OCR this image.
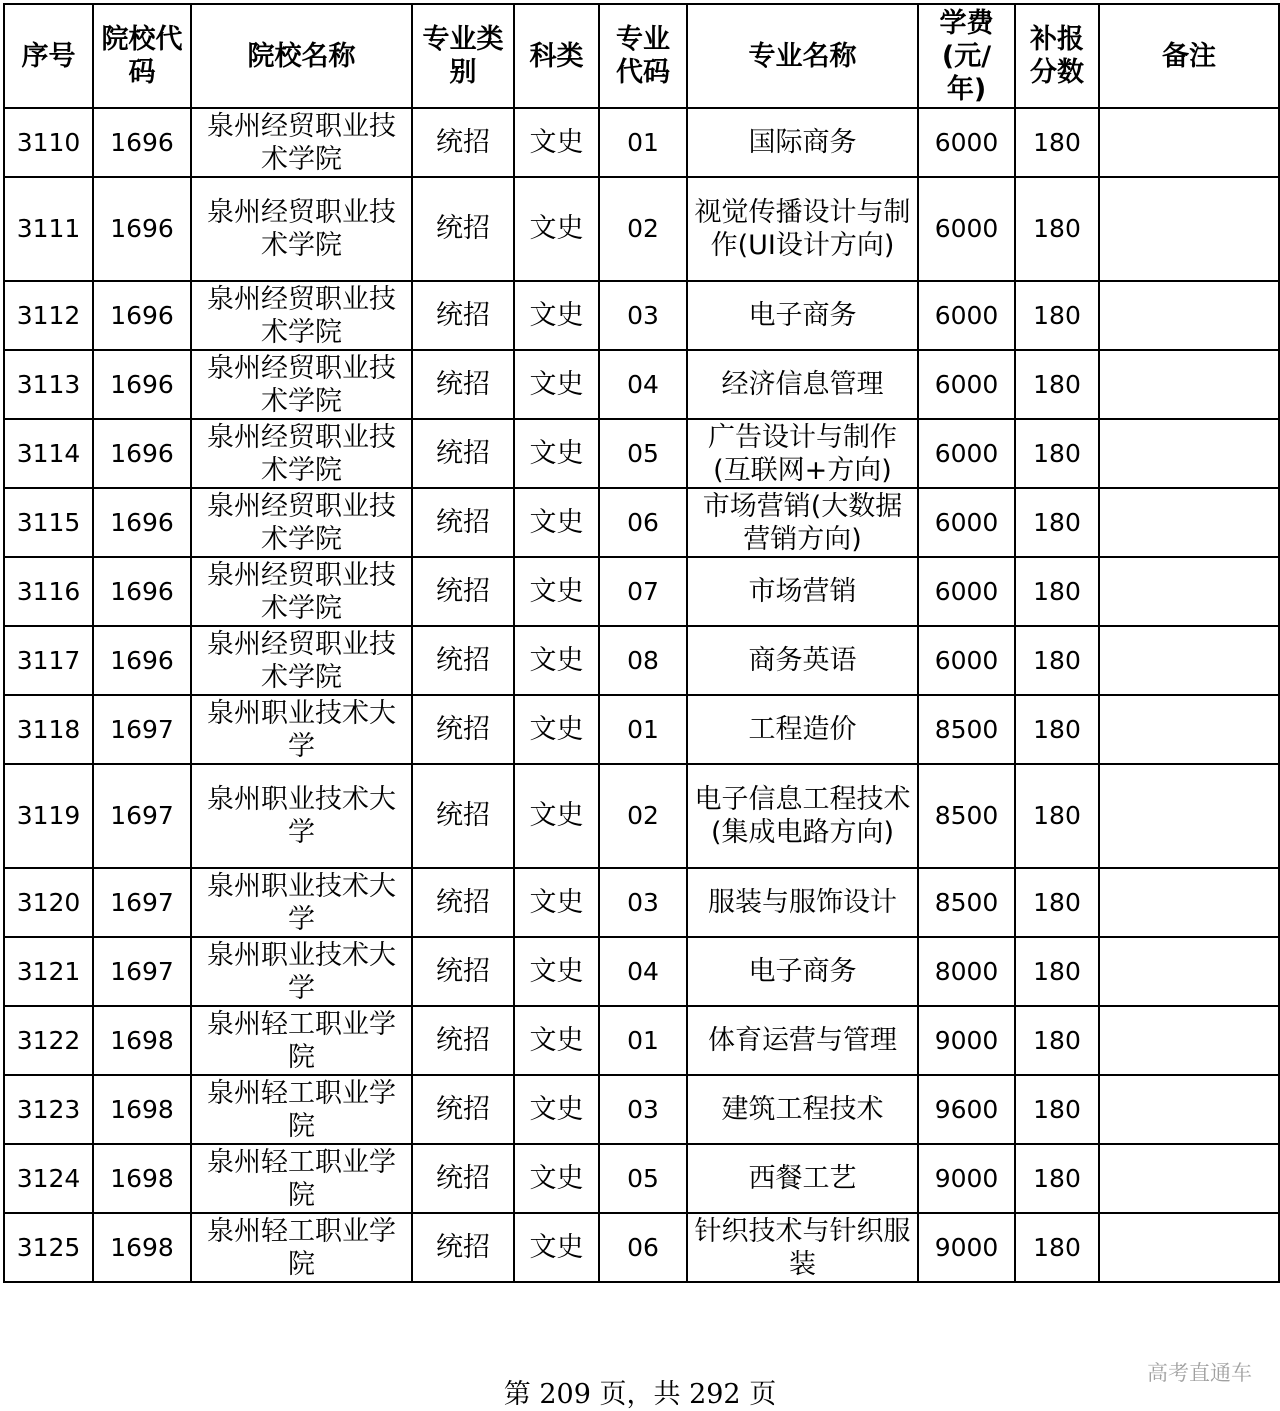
序号	院校代码	院校名称	专业类别	科类	专业代码	专业名称	学费(元/年)	补报分数	备注
3110	1696	泉州经贸职业技术学院	统招	文史	01	国际商务	6000	180	
3111	1696	泉州经贸职业技术学院	统招	文史	02	视觉传播设计与制作(UI设计方向)	6000	180	
3112	1696	泉州经贸职业技术学院	统招	文史	03	电子商务	6000	180	
3113	1696	泉州经贸职业技术学院	统招	文史	04	经济信息管理	6000	180	
3114	1696	泉州经贸职业技术学院	统招	文史	05	广告设计与制作(互联网+方向)	6000	180	
3115	1696	泉州经贸职业技术学院	统招	文史	06	市场营销(大数据营销方向)	6000	180	
3116	1696	泉州经贸职业技术学院	统招	文史	07	市场营销	6000	180	
3117	1696	泉州经贸职业技术学院	统招	文史	08	商务英语	6000	180	
3118	1697	泉州职业技术大学	统招	文史	01	工程造价	8500	180	
3119	1697	泉州职业技术大学	统招	文史	02	电子信息工程技术(集成电路方向)	8500	180	
3120	1697	泉州职业技术大学	统招	文史	03	服装与服饰设计	8500	180	
3121	1697	泉州职业技术大学	统招	文史	04	电子商务	8000	180	
3122	1698	泉州轻工职业学院	统招	文史	01	体育运营与管理	9000	180	
3123	1698	泉州轻工职业学院	统招	文史	03	建筑工程技术	9600	180	
3124	1698	泉州轻工职业学院	统招	文史	05	西餐工艺	9000	180	
3125	1698	泉州轻工职业学院	统招	文史	06	针织技术与针织服装	9000	180	
第 209 页，共 292 页
高考直通车
